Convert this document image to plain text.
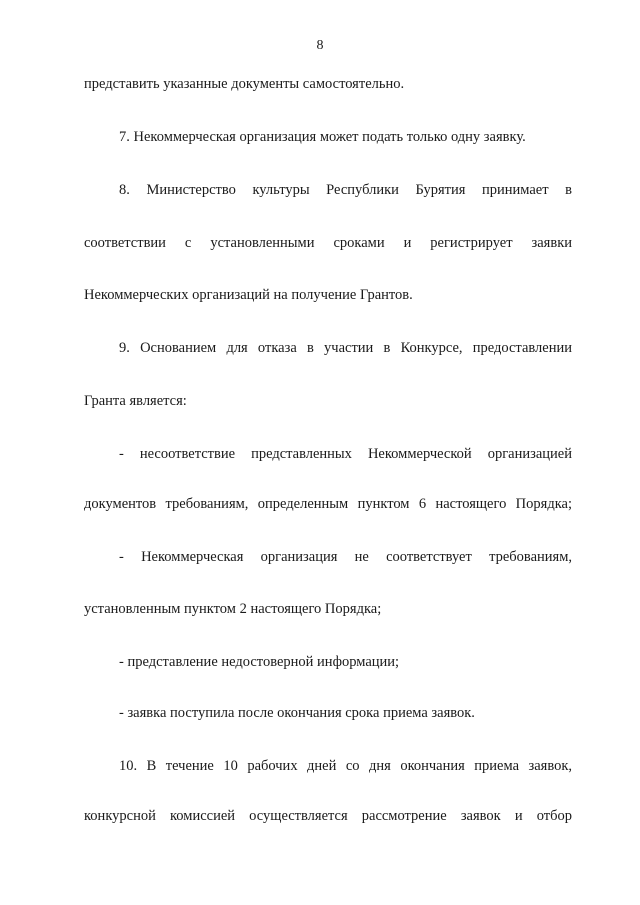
8
представить указанные документы самостоятельно.
7. Некоммерческая организация может подать только одну заявку.
8. Министерство культуры Республики Бурятия принимает в
соответствии с установленными сроками и регистрирует заявки
Некоммерческих организаций на получение Грантов.
9. Основанием для отказа в участии в Конкурсе, предоставлении
Гранта является:
- несоответствие представленных Некоммерческой организацией
документов требованиям, определенным пунктом 6 настоящего Порядка;
- Некоммерческая организация не соответствует требованиям,
установленным пунктом 2 настоящего Порядка;
- представление недостоверной информации;
- заявка поступила после окончания срока приема заявок.
10. В течение 10 рабочих дней со дня окончания приема заявок,
конкурсной комиссией осуществляется рассмотрение заявок и отбор
